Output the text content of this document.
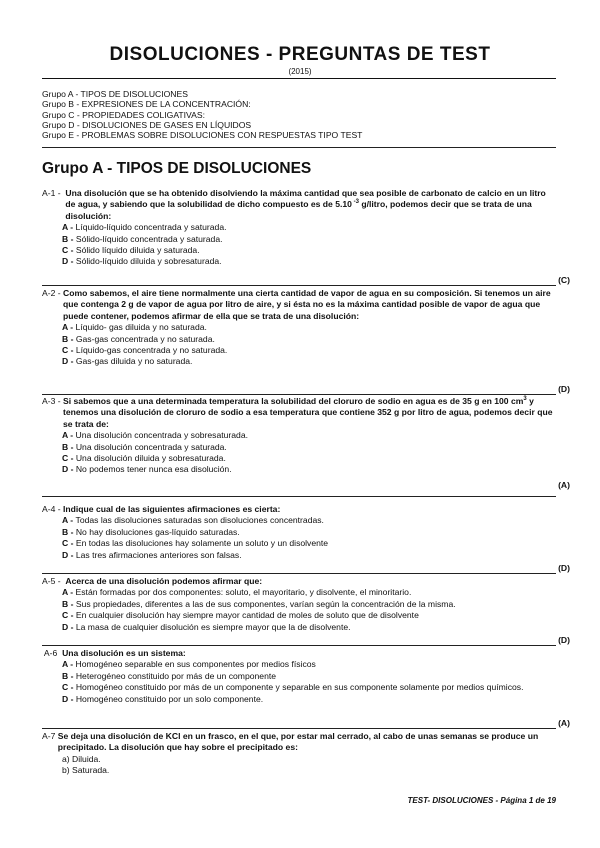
DISOLUCIONES - PREGUNTAS DE TEST
(2015)
Grupo A - TIPOS DE DISOLUCIONES
Grupo B - EXPRESIONES DE LA CONCENTRACIÓN:
Grupo C - PROPIEDADES COLIGATIVAS:
Grupo D - DISOLUCIONES DE GASES EN LÍQUIDOS
Grupo E - PROBLEMAS SOBRE DISOLUCIONES CON RESPUESTAS TIPO TEST
Grupo A - TIPOS DE DISOLUCIONES
A-1 - Una disolución que se ha obtenido disolviendo la máxima cantidad que sea posible de carbonato de calcio en un litro de agua, y sabiendo que la solubilidad de dicho compuesto es de 5.10 $^{-3}$ g/litro, podemos decir que se trata de una disolución:
A - Líquido-líquido concentrada y saturada.
B - Sólido-líquido concentrada y saturada.
C - Sólido líquido diluida y saturada.
D - Sólido-líquido diluida y sobresaturada.
(C)
A-2 - Como sabemos, el aire tiene normalmente una cierta cantidad de vapor de agua en su composición. Si tenemos un aire que contenga 2 g de vapor de agua por litro de aire, y si ésta no es la máxima cantidad posible de vapor de agua que puede contener, podemos afirmar de ella que se trata de una disolución:
A - Líquido- gas diluida y no saturada.
B - Gas-gas concentrada y no saturada.
C - Líquido-gas concentrada y no saturada.
D - Gas-gas diluida y no saturada.
(D)
A-3 - Si sabemos que a una determinada temperatura la solubilidad del cloruro de sodio en agua es de 35 g en 100 $cm^3$ y tenemos una disolución de cloruro de sodio a esa temperatura que contiene 352 g por litro de agua, podemos decir que se trata de:
A - Una disolución concentrada y sobresaturada.
B - Una disolución concentrada y saturada.
C - Una disolución diluida y sobresaturada.
D - No podemos tener nunca esa disolución.
(A)
A-4 - Indique cual de las siguientes afirmaciones es cierta:
A - Todas las disoluciones saturadas son disoluciones concentradas.
B - No hay disoluciones gas-líquido saturadas.
C - En todas las disoluciones hay solamente un soluto y un disolvente
D - Las tres afirmaciones anteriores son falsas.
(D)
A-5 - Acerca de una disolución podemos afirmar que:
A - Están formadas por dos componentes: soluto, el mayoritario, y disolvente, el minoritario.
B - Sus propiedades, diferentes a las de sus componentes, varían según la concentración de la misma.
C - En cualquier disolución hay siempre mayor cantidad de moles de soluto que de disolvente
D - La masa de cualquier disolución es siempre mayor que la de disolvente.
(D)
A-6 Una disolución es un sistema:
A - Homogéneo separable en sus componentes por medios físicos
B - Heterogéneo constituido por más de un componente
C - Homogéneo constituido por más de un componente y separable en sus componente solamente por medios químicos.
D - Homogéneo constituido por un solo componente.
(A)
A-7 Se deja una disolución de KCl en un frasco, en el que, por estar mal cerrado, al cabo de unas semanas se produce un precipitado. La disolución que hay sobre el precipitado es:
a) Diluida.
b) Saturada.
TEST- DISOLUCIONES - Página 1 de 19
